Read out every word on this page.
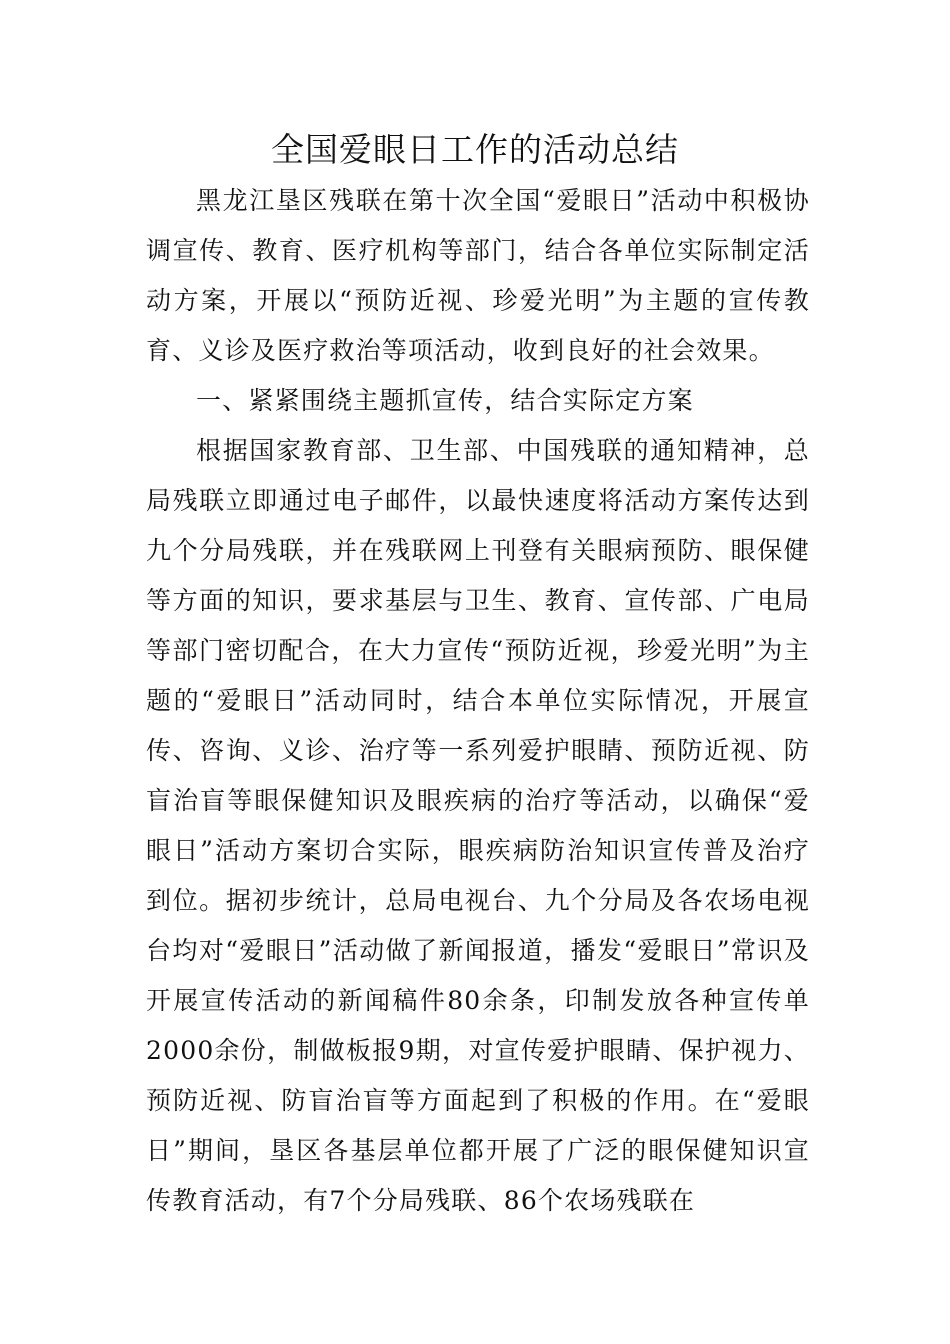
全国爱眼日工作的活动总结

黑龙江垦区残联在第十次全国“爱眼日”活动中积极协调宣传、教育、医疗机构等部门，结合各单位实际制定活动方案，开展以“预防近视、珍爱光明”为主题的宣传教育、义诊及医疗救治等项活动，收到良好的社会效果。

一、紧紧围绕主题抓宣传，结合实际定方案

根据国家教育部、卫生部、中国残联的通知精神，总局残联立即通过电子邮件，以最快速度将活动方案传达到九个分局残联，并在残联网上刊登有关眼病预防、眼保健等方面的知识，要求基层与卫生、教育、宣传部、广电局等部门密切配合，在大力宣传“预防近视，珍爱光明”为主题的“爱眼日”活动同时，结合本单位实际情况，开展宣传、咨询、义诊、治疗等一系列爱护眼睛、预防近视、防盲治盲等眼保健知识及眼疾病的治疗等活动，以确保“爱眼日”活动方案切合实际，眼疾病防治知识宣传普及治疗到位。据初步统计，总局电视台、九个分局及各农场电视台均对“爱眼日”活动做了新闻报道，播发“爱眼日”常识及开展宣传活动的新闻稿件80余条，印制发放各种宣传单2000余份，制做板报9期，对宣传爱护眼睛、保护视力、预防近视、防盲治盲等方面起到了积极的作用。在“爱眼日”期间，垦区各基层单位都开展了广泛的眼保健知识宣传教育活动，有7个分局残联、86个农场残联在
